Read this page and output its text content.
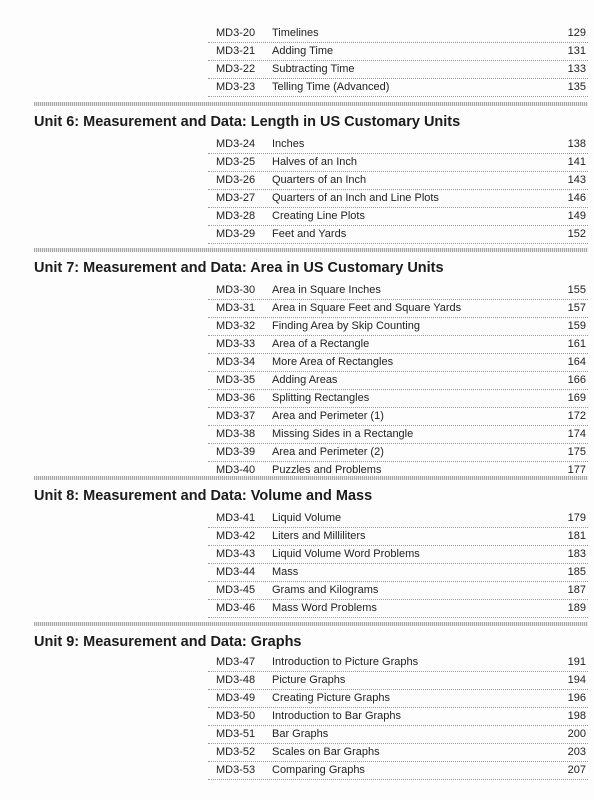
MD3-20 Timelines	129
MD3-21 Adding Time	131
MD3-22 Subtracting Time	133
MD3-23 Telling Time (Advanced)	135
Unit 6: Measurement and Data: Length in US Customary Units
MD3-24 Inches	138
MD3-25 Halves of an Inch	141
MD3-26 Quarters of an Inch	143
MD3-27 Quarters of an Inch and Line Plots	146
MD3-28 Creating Line Plots	149
MD3-29 Feet and Yards	152
Unit 7: Measurement and Data: Area in US Customary Units
MD3-30 Area in Square Inches	155
MD3-31 Area in Square Feet and Square Yards	157
MD3-32 Finding Area by Skip Counting	159
MD3-33 Area of a Rectangle	161
MD3-34 More Area of Rectangles	164
MD3-35 Adding Areas	166
MD3-36 Splitting Rectangles	169
MD3-37 Area and Perimeter (1)	172
MD3-38 Missing Sides in a Rectangle	174
MD3-39 Area and Perimeter (2)	175
MD3-40 Puzzles and Problems	177
Unit 8: Measurement and Data: Volume and Mass
MD3-41 Liquid Volume	179
MD3-42 Liters and Milliliters	181
MD3-43 Liquid Volume Word Problems	183
MD3-44 Mass	185
MD3-45 Grams and Kilograms	187
MD3-46 Mass Word Problems	189
Unit 9: Measurement and Data: Graphs
MD3-47 Introduction to Picture Graphs	191
MD3-48 Picture Graphs	194
MD3-49 Creating Picture Graphs	196
MD3-50 Introduction to Bar Graphs	198
MD3-51 Bar Graphs	200
MD3-52 Scales on Bar Graphs	203
MD3-53 Comparing Graphs	207
